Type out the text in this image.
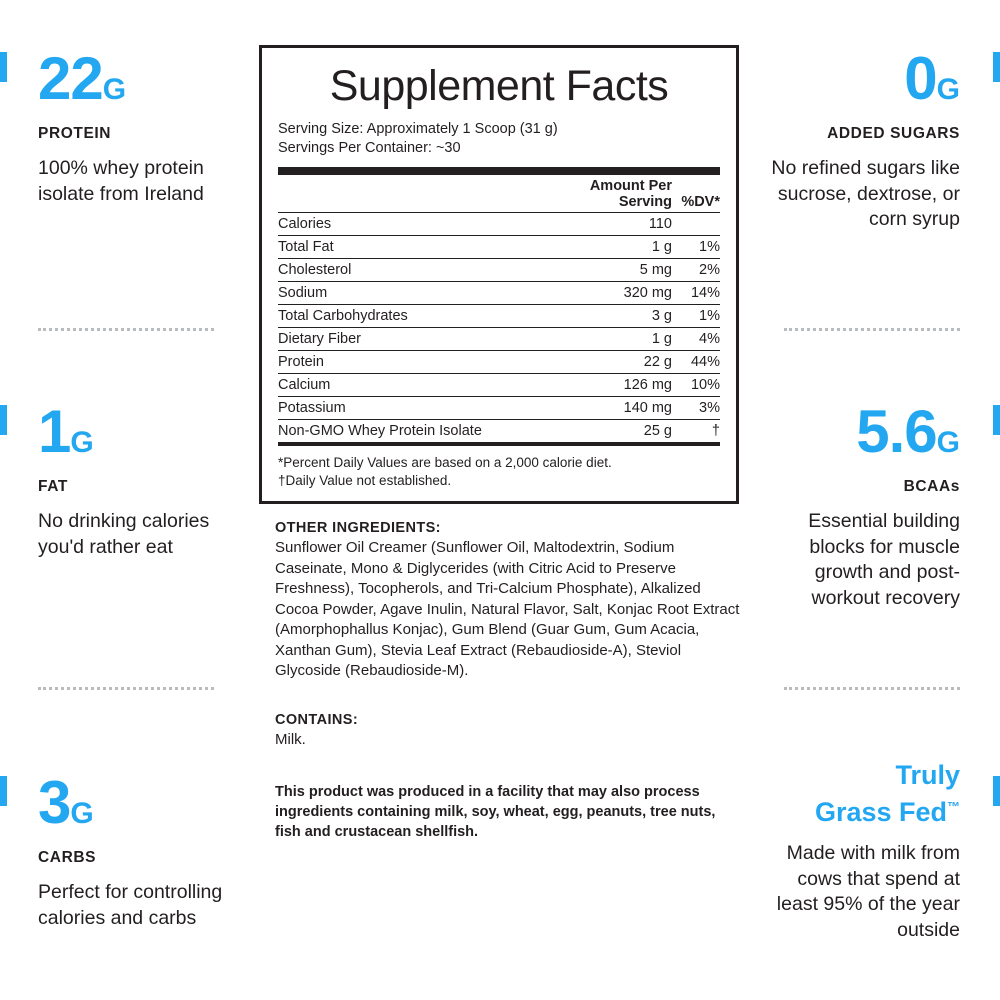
22G
PROTEIN
100% whey protein isolate from Ireland
1G
FAT
No drinking calories you'd rather eat
3G
CARBS
Perfect for controlling calories and carbs
0G
ADDED SUGARS
No refined sugars like sucrose, dextrose, or corn syrup
5.6G
BCAAs
Essential building blocks for muscle growth and post-workout recovery
Truly
Grass Fed™
Made with milk from cows that spend at least 95% of the year outside
Supplement Facts
Serving Size: Approximately 1 Scoop (31 g)
Servings Per Container: ~30
	Amount Per Serving	%DV*
Calories	110	
Total Fat	1 g	1%
Cholesterol	5 mg	2%
Sodium	320 mg	14%
Total Carbohydrates	3 g	1%
Dietary Fiber	1 g	4%
Protein	22 g	44%
Calcium	126 mg	10%
Potassium	140 mg	3%
Non-GMO Whey Protein Isolate	25 g	†
*Percent Daily Values are based on a 2,000 calorie diet.
†Daily Value not established.
OTHER INGREDIENTS:
Sunflower Oil Creamer (Sunflower Oil, Maltodextrin, Sodium Caseinate, Mono & Diglycerides (with Citric Acid to Preserve Freshness), Tocopherols, and Tri-Calcium Phosphate), Alkalized Cocoa Powder, Agave Inulin, Natural Flavor, Salt, Konjac Root Extract (Amorphophallus Konjac), Gum Blend (Guar Gum, Gum Acacia, Xanthan Gum), Stevia Leaf Extract (Rebaudioside-A), Steviol Glycoside (Rebaudioside-M).
CONTAINS:
Milk.
This product was produced in a facility that may also process ingredients containing milk, soy, wheat, egg, peanuts, tree nuts, fish and crustacean shellfish.
